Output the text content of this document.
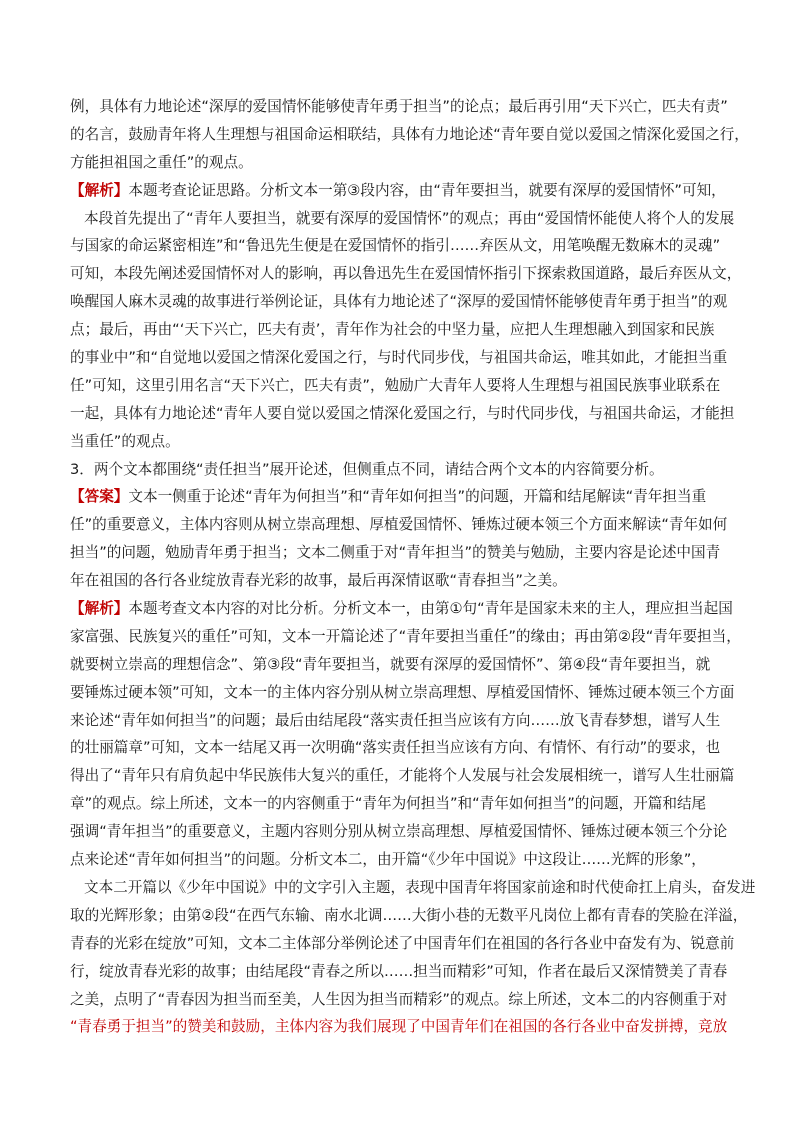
例，具体有力地论述“深厚的爱国情怀能够使青年勇于担当”的论点；最后再引用“天下兴亡，匹夫有责”
的名言，鼓励青年将人生理想与祖国命运相联结，具体有力地论述“青年要自觉以爱国之情深化爱国之行，
方能担祖国之重任”的观点。
【解析】本题考查论证思路。分析文本一第③段内容，由“青年要担当，就要有深厚的爱国情怀”可知，
本段首先提出了“青年人要担当，就要有深厚的爱国情怀”的观点；再由“爱国情怀能使人将个人的发展
与国家的命运紧密相连”和“鲁迅先生便是在爱国情怀的指引……弃医从文，用笔唤醒无数麻木的灵魂”
可知，本段先阐述爱国情怀对人的影响，再以鲁迅先生在爱国情怀指引下探索救国道路，最后弃医从文，
唤醒国人麻木灵魂的故事进行举例论证，具体有力地论述了“深厚的爱国情怀能够使青年勇于担当”的观
点；最后，再由“‘天下兴亡，匹夫有责’，青年作为社会的中坚力量，应把人生理想融入到国家和民族
的事业中”和“自觉地以爱国之情深化爱国之行，与时代同步伐，与祖国共命运，唯其如此，才能担当重
任”可知，这里引用名言“天下兴亡，匹夫有责”，勉励广大青年人要将人生理想与祖国民族事业联系在
一起，具体有力地论述“青年人要自觉以爱国之情深化爱国之行，与时代同步伐，与祖国共命运，才能担
当重任”的观点。
3．两个文本都围绕“责任担当”展开论述，但侧重点不同，请结合两个文本的内容简要分析。
【答案】文本一侧重于论述“青年为何担当”和“青年如何担当”的问题，开篇和结尾解读“青年担当重
任”的重要意义，主体内容则从树立崇高理想、厚植爱国情怀、锤炼过硬本领三个方面来解读“青年如何
担当”的问题，勉励青年勇于担当；文本二侧重于对“青年担当”的赞美与勉励，主要内容是论述中国青
年在祖国的各行各业绽放青春光彩的故事，最后再深情讴歌“青春担当”之美。
【解析】本题考查文本内容的对比分析。分析文本一，由第①句“青年是国家未来的主人，理应担当起国
家富强、民族复兴的重任”可知，文本一开篇论述了“青年要担当重任”的缘由；再由第②段“青年要担当，
就要树立崇高的理想信念”、第③段“青年要担当，就要有深厚的爱国情怀”、第④段“青年要担当，就
要锤炼过硬本领”可知，文本一的主体内容分别从树立崇高理想、厚植爱国情怀、锤炼过硬本领三个方面
来论述“青年如何担当”的问题；最后由结尾段“落实责任担当应该有方向……放飞青春梦想，谱写人生
的壮丽篇章”可知，文本一结尾又再一次明确“落实责任担当应该有方向、有情怀、有行动”的要求，也
得出了“青年只有肩负起中华民族伟大复兴的重任，才能将个人发展与社会发展相统一，谱写人生壮丽篇
章”的观点。综上所述，文本一的内容侧重于“青年为何担当”和“青年如何担当”的问题，开篇和结尾
强调“青年担当”的重要意义，主题内容则分别从树立崇高理想、厚植爱国情怀、锤炼过硬本领三个分论
点来论述“青年如何担当”的问题。分析文本二，由开篇“《少年中国说》中这段让……光辉的形象”，
文本二开篇以《少年中国说》中的文字引入主题，表现中国青年将国家前途和时代使命扛上肩头，奋发进
取的光辉形象；由第②段“在西气东输、南水北调……大街小巷的无数平凡岗位上都有青春的笑脸在洋溢，
青春的光彩在绽放”可知，文本二主体部分举例论述了中国青年们在祖国的各行各业中奋发有为、锐意前
行，绽放青春光彩的故事；由结尾段“青春之所以……担当而精彩”可知，作者在最后又深情赞美了青春
之美，点明了“青春因为担当而至美，人生因为担当而精彩”的观点。综上所述，文本二的内容侧重于对
“青春勇于担当”的赞美和鼓励，主体内容为我们展现了中国青年们在祖国的各行各业中奋发拼搏，竞放
